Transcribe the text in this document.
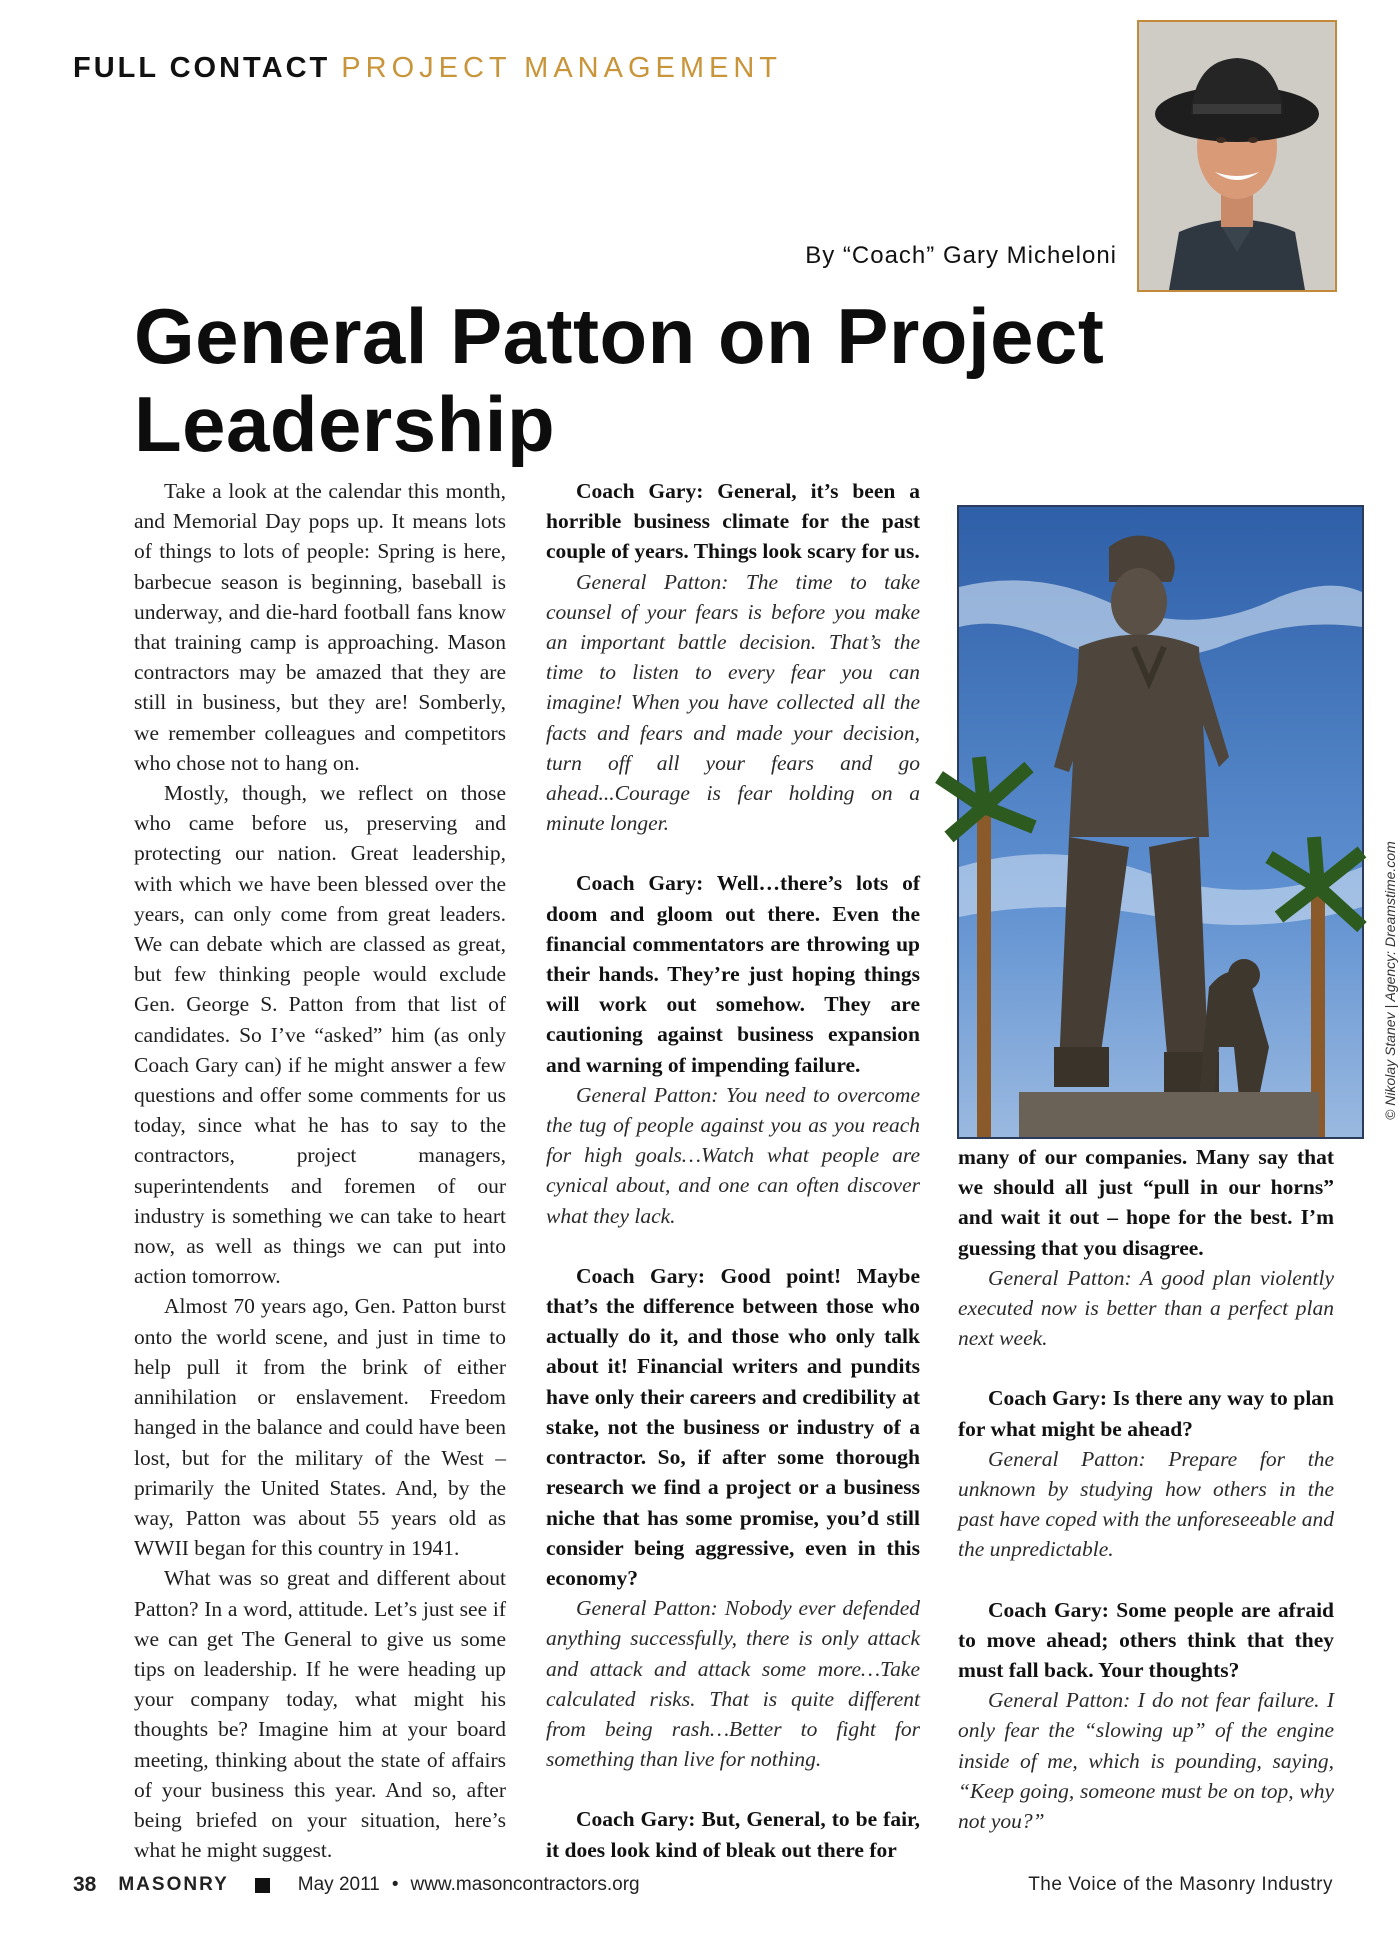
FULL CONTACT PROJECT MANAGEMENT
By “Coach” Gary Micheloni
General Patton on Project
Leadership

Take a look at the calendar this month, and Memorial Day pops up. It means lots of things to lots of people: Spring is here, barbecue season is beginning, baseball is underway, and die-hard football fans know that training camp is approaching. Mason contractors may be amazed that they are still in business, but they are! Somberly, we remember colleagues and competitors who chose not to hang on.

Mostly, though, we reflect on those who came before us, preserving and protecting our nation. Great leadership, with which we have been blessed over the years, can only come from great leaders. We can debate which are classed as great, but few thinking people would exclude Gen. George S. Patton from that list of candidates. So I’ve “asked” him (as only Coach Gary can) if he might answer a few questions and offer some comments for us today, since what he has to say to the contractors, project managers, superintendents and foremen of our industry is something we can take to heart now, as well as things we can put into action tomorrow.

Almost 70 years ago, Gen. Patton burst onto the world scene, and just in time to help pull it from the brink of either annihilation or enslavement. Freedom hanged in the balance and could have been lost, but for the military of the West – primarily the United States. And, by the way, Patton was about 55 years old as WWII began for this country in 1941.

What was so great and different about Patton? In a word, attitude. Let’s just see if we can get The General to give us some tips on leadership. If he were heading up your company today, what might his thoughts be? Imagine him at your board meeting, thinking about the state of affairs of your business this year. And so, after being briefed on your situation, here’s what he might suggest.

Coach Gary: General, it’s been a horrible business climate for the past couple of years. Things look scary for us.

General Patton: The time to take counsel of your fears is before you make an important battle decision. That’s the time to listen to every fear you can imagine! When you have collected all the facts and fears and made your decision, turn off all your fears and go ahead...Courage is fear holding on a minute longer.

Coach Gary: Well…there’s lots of doom and gloom out there. Even the financial commentators are throwing up their hands. They’re just hoping things will work out somehow. They are cautioning against business expansion and warning of impending failure.

General Patton: You need to overcome the tug of people against you as you reach for high goals…Watch what people are cynical about, and one can often discover what they lack.

Coach Gary: Good point! Maybe that’s the difference between those who actually do it, and those who only talk about it! Financial writers and pundits have only their careers and credibility at stake, not the business or industry of a contractor. So, if after some thorough research we find a project or a business niche that has some promise, you’d still consider being aggressive, even in this economy?

General Patton: Nobody ever defended anything successfully, there is only attack and attack and attack some more…Take calculated risks. That is quite different from being rash…Better to fight for something than live for nothing.

Coach Gary: But, General, to be fair, it does look kind of bleak out there for

© Nikolay Stanev | Agency: Dreamstime.com

many of our companies. Many say that we should all just “pull in our horns” and wait it out – hope for the best. I’m guessing that you disagree.

General Patton: A good plan violently executed now is better than a perfect plan next week.

Coach Gary: Is there any way to plan for what might be ahead?

General Patton: Prepare for the unknown by studying how others in the past have coped with the unforeseeable and the unpredictable.

Coach Gary: Some people are afraid to move ahead; others think that they must fall back. Your thoughts?

General Patton: I do not fear failure. I only fear the “slowing up” of the engine inside of me, which is pounding, saying, “Keep going, someone must be on top, why not you?”

38 MASONRY	May 2011 • www.masoncontractors.org	The Voice of the Masonry Industry
